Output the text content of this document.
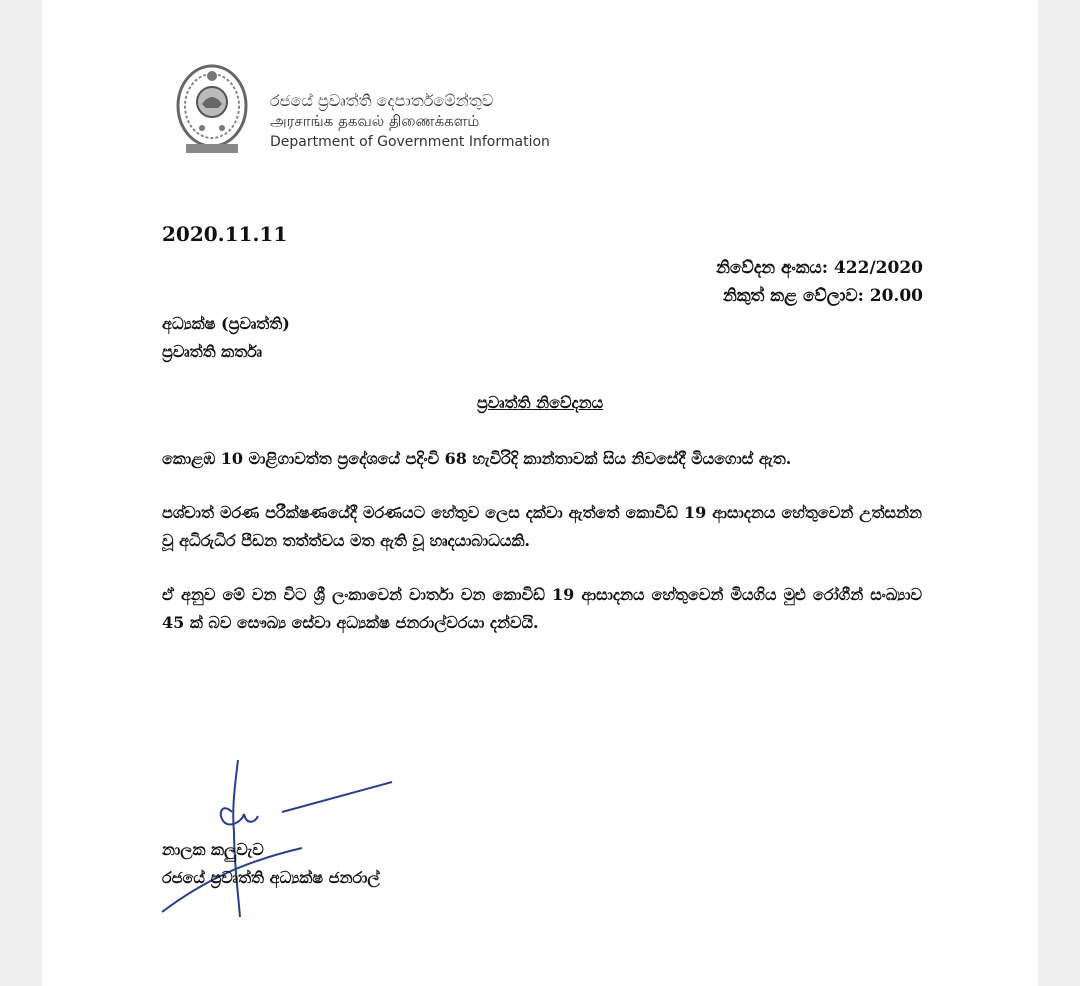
රජයේ ප්‍රවෘත්ති දෙපාර්තමේන්තුව
அரசாங்க தகவல் திணைக்களம்
Department of Government Information
2020.11.11
නිවේදන අංකය: 422/2020
නිකුත් කළ වේලාව: 20.00
අධ්‍යක්ෂ (ප්‍රවෘත්ති)
ප්‍රවෘත්ති කර්තෘ
ප්‍රවෘත්ති නිවේදනය

කොළඹ 10 මාළිගාවත්ත ප්‍රදේශයේ පදිංචි 68 හැවිරිදි කාන්තාවක් සිය නිවසේදී මියගොස් ඇත.

පශ්චාත් මරණ පරීක්ෂණයේදී මරණයට හේතුව ලෙස දක්වා ඇත්තේ කොවිඩ් 19 ආසාදනය හේතුවෙන් උත්සන්න වූ අධිරුධිර පීඩන තත්ත්වය මත ඇති වූ හෘදයාබාධයකි.

ඒ අනුව මේ වන විට ශ්‍රී ලංකාවෙන් වාර්තා වන කොවිඩ් 19 ආසාදනය හේතුවෙන් මියගිය මුළු රෝගීන් සංඛ්‍යාව 45 ක් බව සෞඛ්‍ය සේවා අධ්‍යක්ෂ ජනරාල්වරයා දන්වයි.

නාලක කලුවැව
රජයේ ප්‍රවෘත්ති අධ්‍යක්ෂ ජනරාල්
